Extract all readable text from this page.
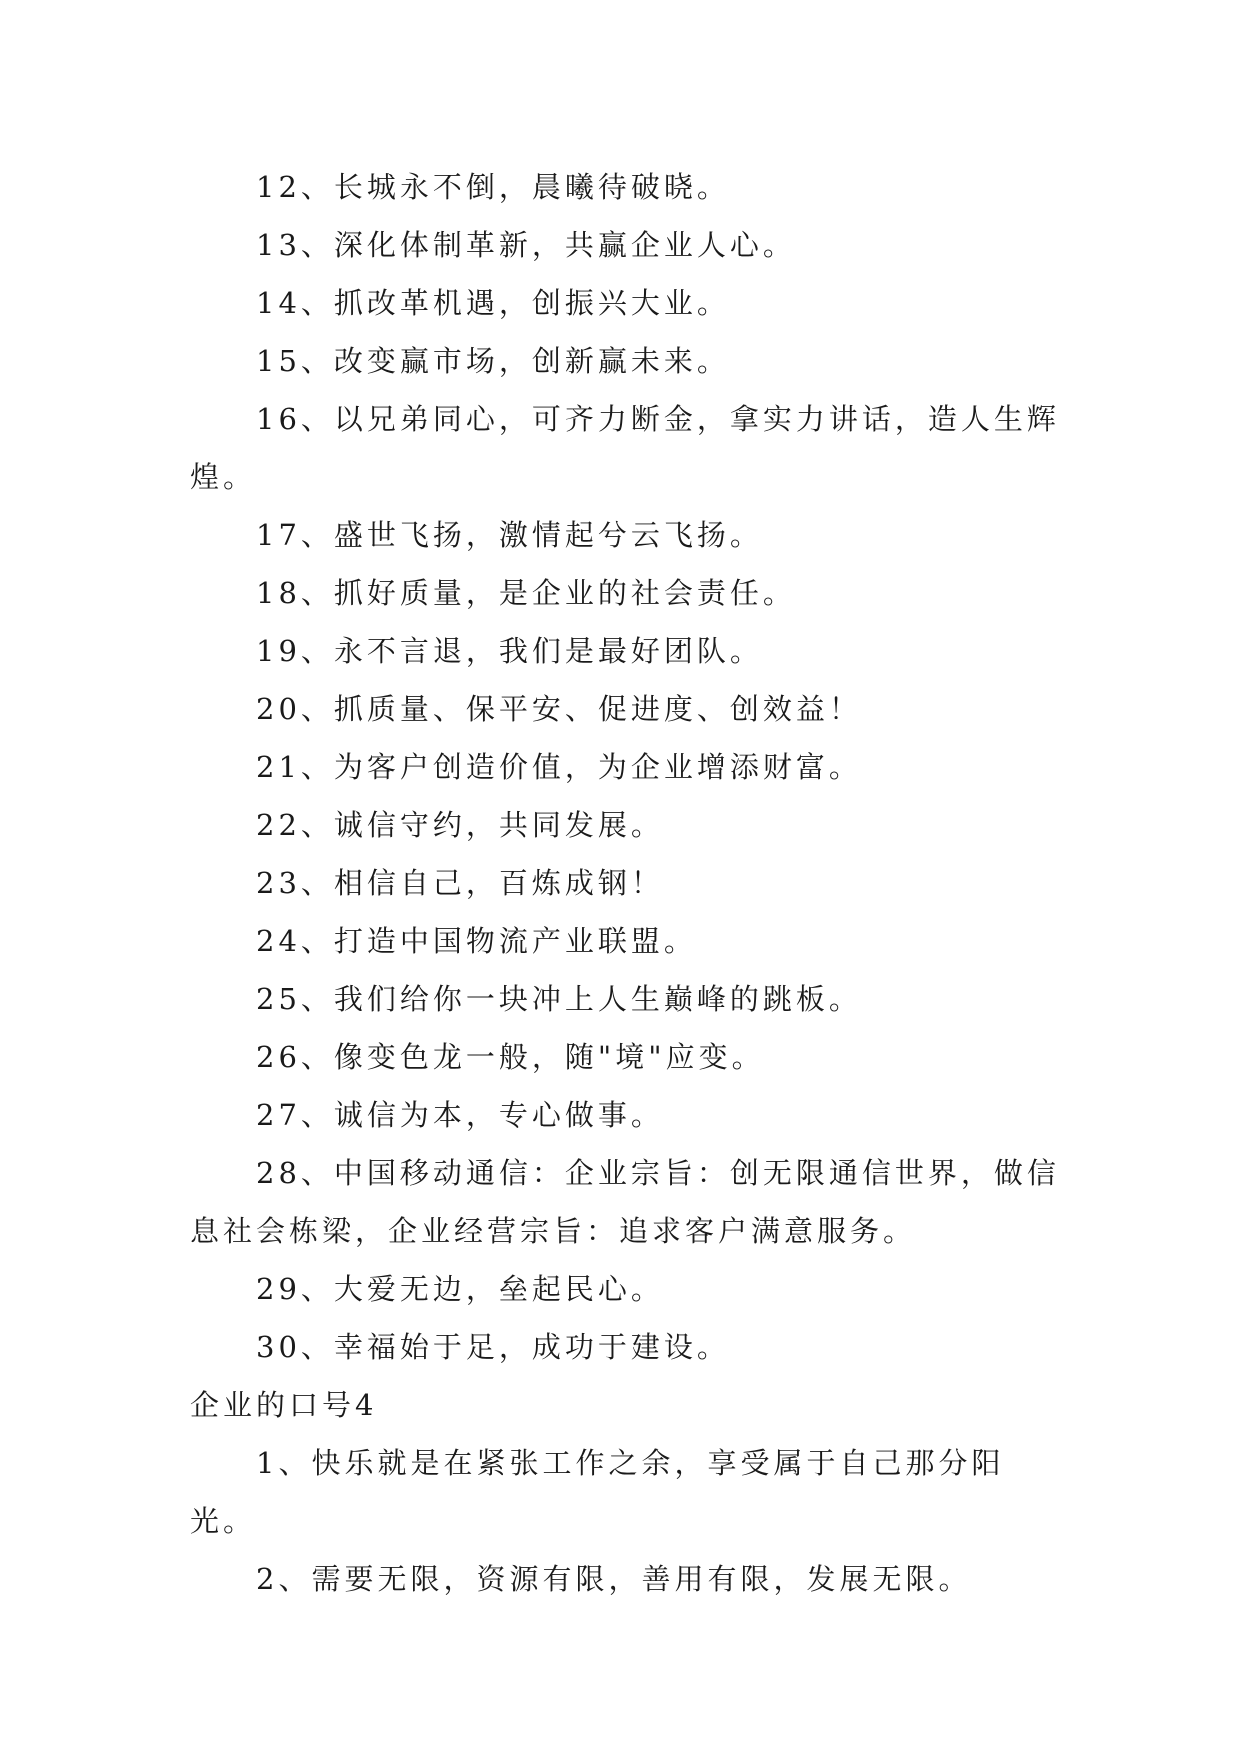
12、长城永不倒，晨曦待破晓。

13、深化体制革新，共赢企业人心。

14、抓改革机遇，创振兴大业。

15、改变赢市场，创新赢未来。

16、以兄弟同心，可齐力断金，拿实力讲话，造人生辉煌。

17、盛世飞扬，激情起兮云飞扬。

18、抓好质量，是企业的社会责任。

19、永不言退，我们是最好团队。

20、抓质量、保平安、促进度、创效益！

21、为客户创造价值，为企业增添财富。

22、诚信守约，共同发展。

23、相信自己，百炼成钢！

24、打造中国物流产业联盟。

25、我们给你一块冲上人生巅峰的跳板。

26、像变色龙一般，随"境"应变。

27、诚信为本，专心做事。

28、中国移动通信：企业宗旨：创无限通信世界，做信息社会栋梁，企业经营宗旨：追求客户满意服务。

29、大爱无边，垒起民心。

30、幸福始于足，成功于建设。

企业的口号4

1、快乐就是在紧张工作之余，享受属于自己那分阳光。

2、需要无限，资源有限，善用有限，发展无限。
